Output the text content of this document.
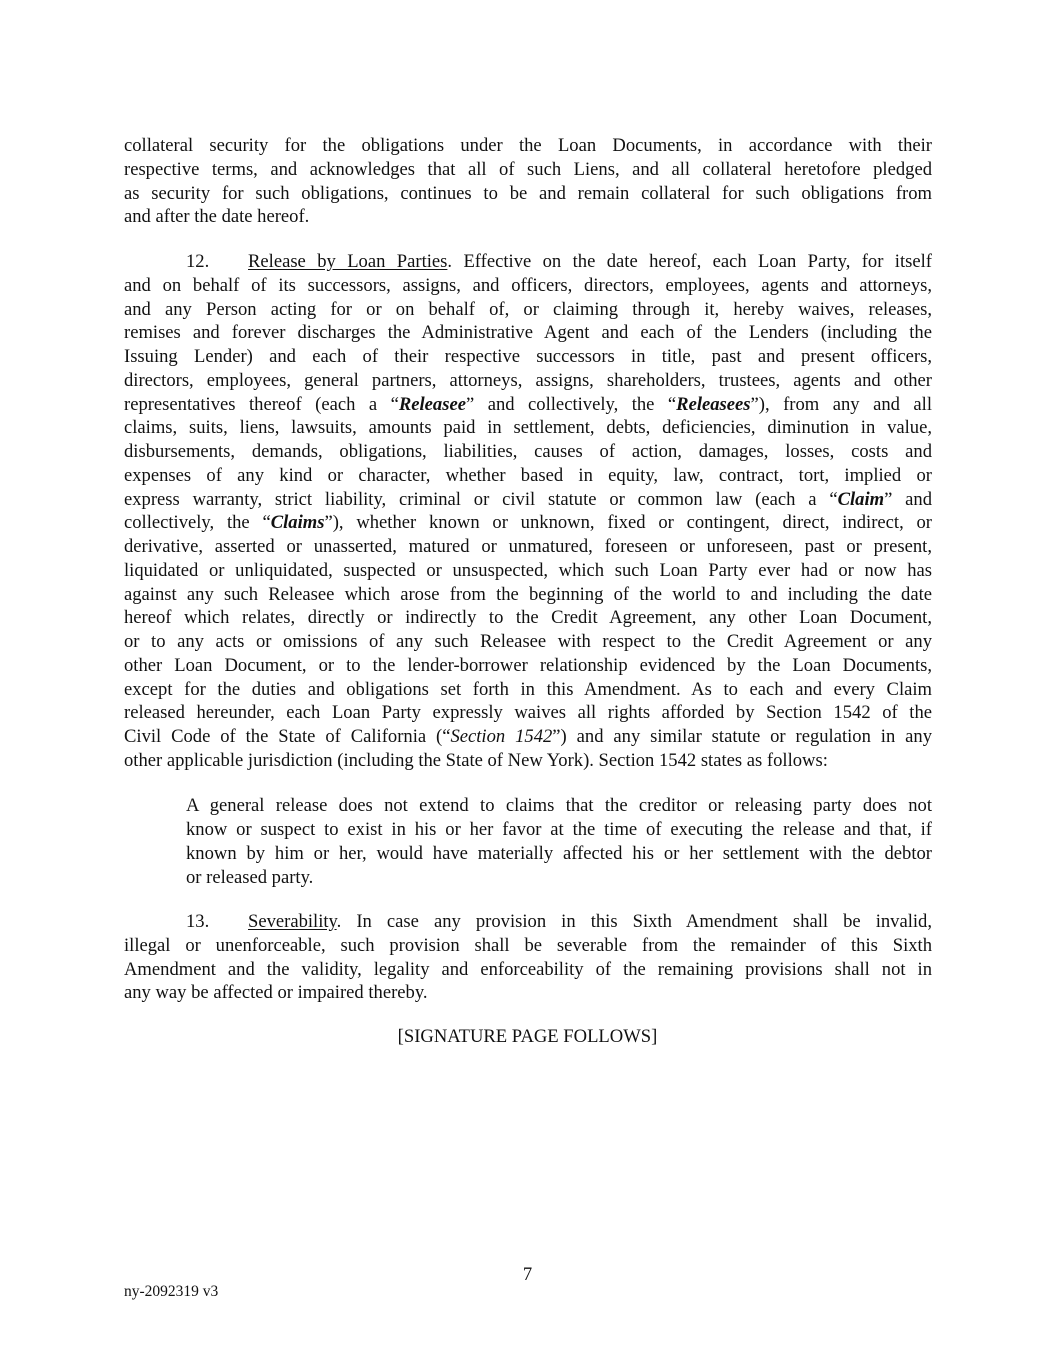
collateral security for the obligations under the Loan Documents, in accordance with their
respective terms, and acknowledges that all of such Liens, and all collateral heretofore pledged
as security for such obligations, continues to be and remain collateral for such obligations from
and after the date hereof.
12. Release by Loan Parties. Effective on the date hereof, each Loan Party, for itself
and on behalf of its successors, assigns, and officers, directors, employees, agents and attorneys,
and any Person acting for or on behalf of, or claiming through it, hereby waives, releases,
remises and forever discharges the Administrative Agent and each of the Lenders (including the
Issuing Lender) and each of their respective successors in title, past and present officers,
directors, employees, general partners, attorneys, assigns, shareholders, trustees, agents and other
representatives thereof (each a “Releasee” and collectively, the “Releasees”), from any and all
claims, suits, liens, lawsuits, amounts paid in settlement, debts, deficiencies, diminution in value,
disbursements, demands, obligations, liabilities, causes of action, damages, losses, costs and
expenses of any kind or character, whether based in equity, law, contract, tort, implied or
express warranty, strict liability, criminal or civil statute or common law (each a “Claim” and
collectively, the “Claims”), whether known or unknown, fixed or contingent, direct, indirect, or
derivative, asserted or unasserted, matured or unmatured, foreseen or unforeseen, past or present,
liquidated or unliquidated, suspected or unsuspected, which such Loan Party ever had or now has
against any such Releasee which arose from the beginning of the world to and including the date
hereof which relates, directly or indirectly to the Credit Agreement, any other Loan Document,
or to any acts or omissions of any such Releasee with respect to the Credit Agreement or any
other Loan Document, or to the lender-borrower relationship evidenced by the Loan Documents,
except for the duties and obligations set forth in this Amendment. As to each and every Claim
released hereunder, each Loan Party expressly waives all rights afforded by Section 1542 of the
Civil Code of the State of California (“Section 1542”) and any similar statute or regulation in any
other applicable jurisdiction (including the State of New York). Section 1542 states as follows:
A general release does not extend to claims that the creditor or releasing party does not
know or suspect to exist in his or her favor at the time of executing the release and that, if
known by him or her, would have materially affected his or her settlement with the debtor
or released party.
13. Severability. In case any provision in this Sixth Amendment shall be invalid,
illegal or unenforceable, such provision shall be severable from the remainder of this Sixth
Amendment and the validity, legality and enforceability of the remaining provisions shall not in
any way be affected or impaired thereby.
[SIGNATURE PAGE FOLLOWS]
7
ny-2092319 v3
